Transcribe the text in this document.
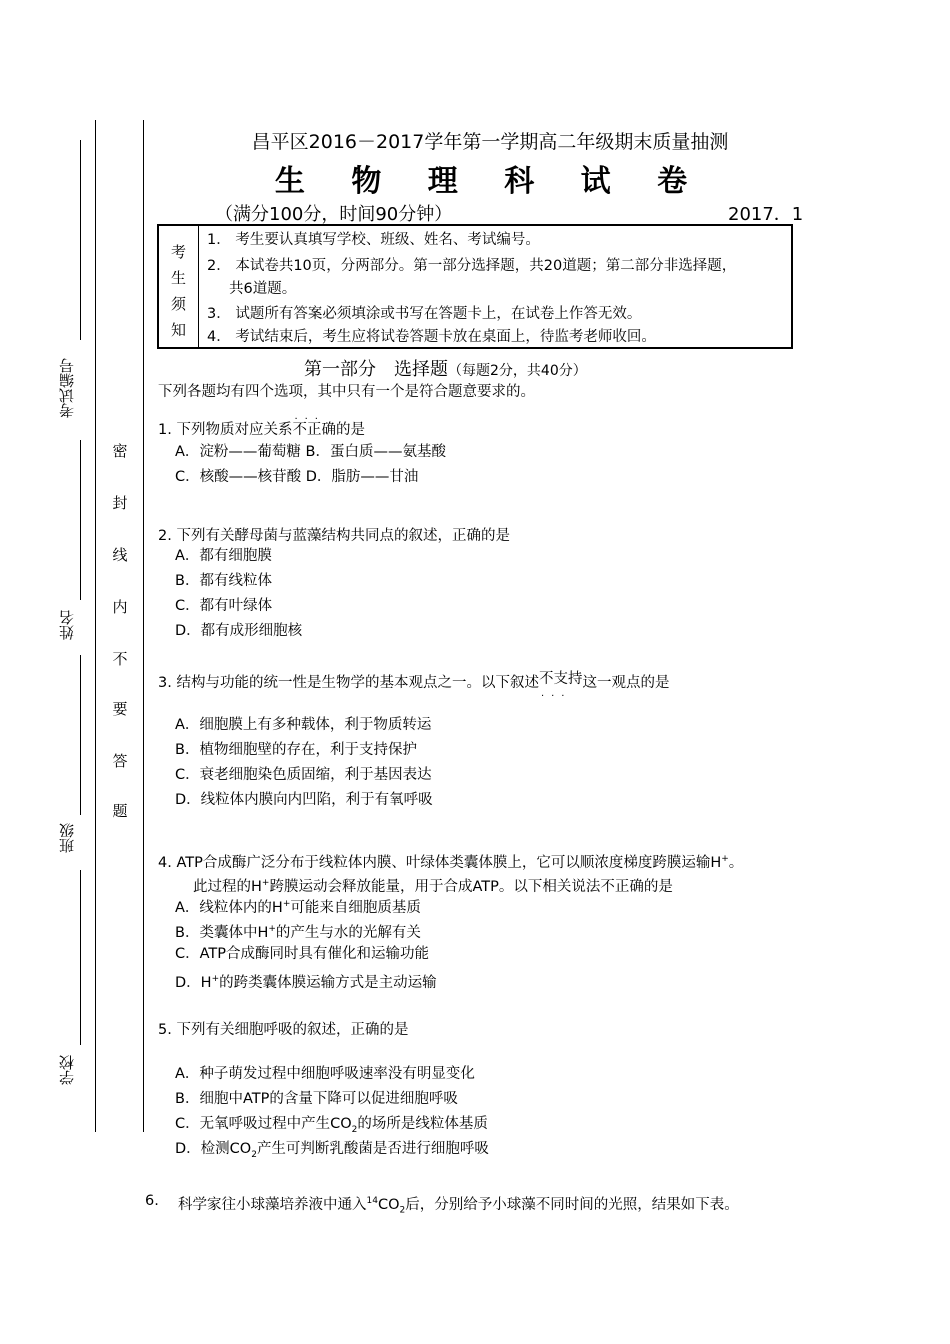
考试编号
姓名
班级
学校
密
封
线
内
不
要
答
题
昌平区2016－2017学年第一学期高二年级期末质量抽测
生 物 理 科 试 卷
（满分100分，时间90分钟）	2017．1
考
生
须
知
1． 考生要认真填写学校、班级、姓名、考试编号。
2． 本试卷共10页，分两部分。第一部分选择题，共20道题；第二部分非选择题，
共6道题。
3． 试题所有答案必须填涂或书写在答题卡上，在试卷上作答无效。
4． 考试结束后，考生应将试卷答题卡放在桌面上，待监考老师收回。
第一部分　选择题（每题2分，共40分）
下列各题均有四个选项，其中只有一个是符合题意要求的。
1. 下列物质对应关系
···
不正确的是
A．淀粉——葡萄糖 B．蛋白质——氨基酸
C．核酸——核苷酸 D．脂肪——甘油
2. 下列有关酵母菌与蓝藻结构共同点的叙述，正确的是
A．都有细胞膜
B．都有线粒体
C．都有叶绿体
D．都有成形细胞核
3. 结构与功能的统一性是生物学的基本观点之一。以下叙述不支持
···
这一观点的是
A．细胞膜上有多种载体，利于物质转运
B．植物细胞壁的存在，利于支持保护
C．衰老细胞染色质固缩，利于基因表达
D．线粒体内膜向内凹陷，利于有氧呼吸
4. ATP合成酶广泛分布于线粒体内膜、叶绿体类囊体膜上，它可以顺浓度梯度跨膜运输H+。
此过程的H+跨膜运动会释放能量，用于合成ATP。以下相关说法不正确的是
A．线粒体内的H+可能来自细胞质基质
B．类囊体中H+的产生与水的光解有关
C．ATP合成酶同时具有催化和运输功能
D．H+的跨类囊体膜运输方式是主动运输
5. 下列有关细胞呼吸的叙述，正确的是
A．种子萌发过程中细胞呼吸速率没有明显变化
B．细胞中ATP的含量下降可以促进细胞呼吸
C．无氧呼吸过程中产生$CO_2$的场所是线粒体基质
D．检测$CO_2$产生可判断乳酸菌是否进行细胞呼吸
6. 科学家往小球藻培养液中通入$^{14}CO_2$后，分别给予小球藻不同时间的光照，结果如下表。
